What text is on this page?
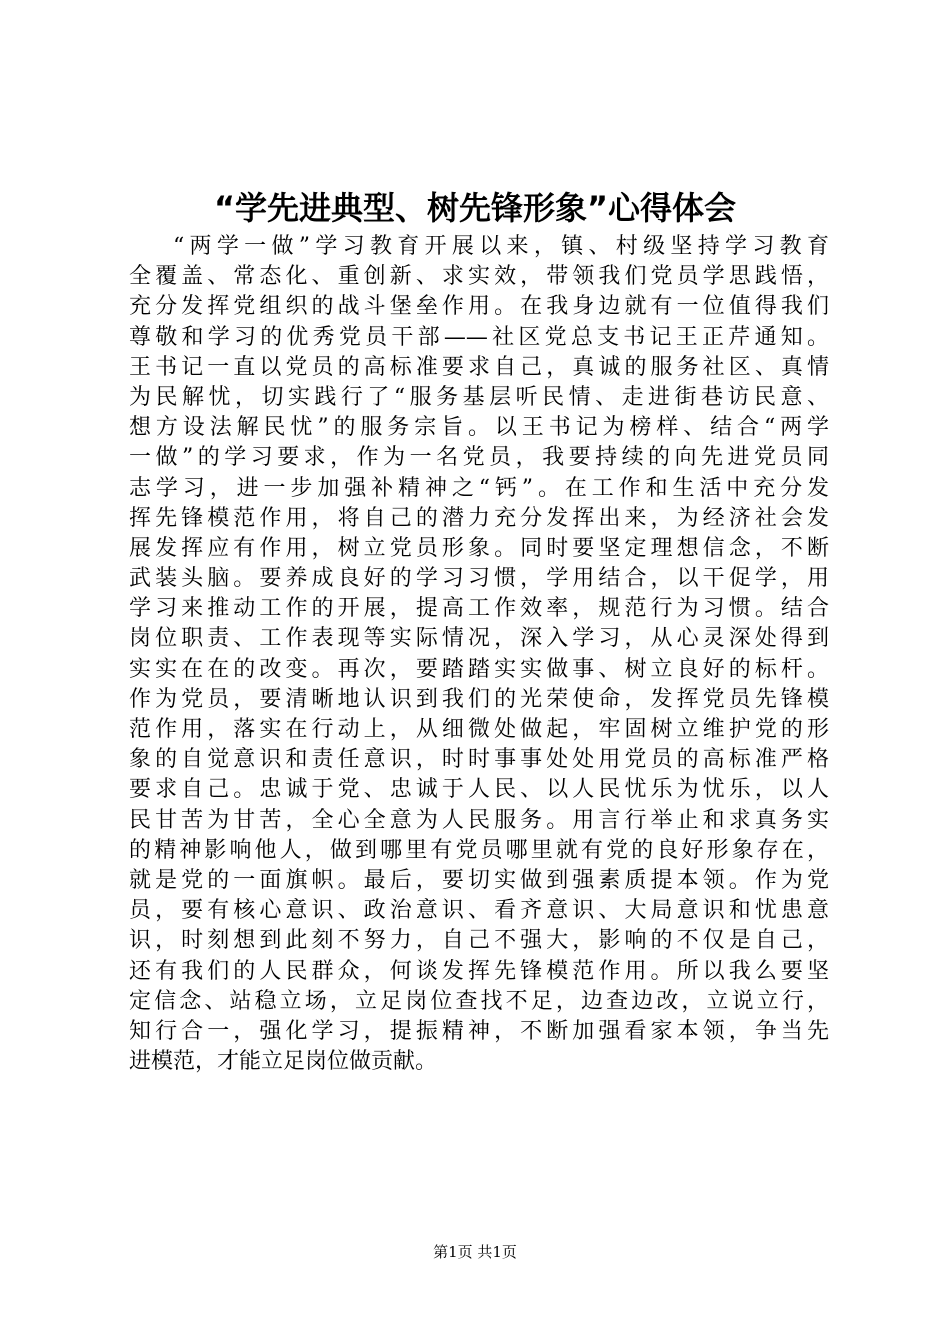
“学先进典型、树先锋形象”心得体会
“两学一做”学习教育开展以来，镇、村级坚持学习教育
全覆盖、常态化、重创新、求实效，带领我们党员学思践悟，
充分发挥党组织的战斗堡垒作用。在我身边就有一位值得我们
尊敬和学习的优秀党员干部——社区党总支书记王正芹通知。
王书记一直以党员的高标准要求自己，真诚的服务社区、真情
为民解忧，切实践行了“服务基层听民情、走进街巷访民意、
想方设法解民忧”的服务宗旨。以王书记为榜样、结合“两学
一做”的学习要求，作为一名党员，我要持续的向先进党员同
志学习，进一步加强补精神之“钙”。在工作和生活中充分发
挥先锋模范作用，将自己的潜力充分发挥出来，为经济社会发
展发挥应有作用，树立党员形象。同时要坚定理想信念，不断
武装头脑。要养成良好的学习习惯，学用结合，以干促学，用
学习来推动工作的开展，提高工作效率，规范行为习惯。结合
岗位职责、工作表现等实际情况，深入学习，从心灵深处得到
实实在在的改变。再次，要踏踏实实做事、树立良好的标杆。
作为党员，要清晰地认识到我们的光荣使命，发挥党员先锋模
范作用，落实在行动上，从细微处做起，牢固树立维护党的形
象的自觉意识和责任意识，时时事事处处用党员的高标准严格
要求自己。忠诚于党、忠诚于人民、以人民忧乐为忧乐，以人
民甘苦为甘苦，全心全意为人民服务。用言行举止和求真务实
的精神影响他人，做到哪里有党员哪里就有党的良好形象存在，
就是党的一面旗帜。最后，要切实做到强素质提本领。作为党
员，要有核心意识、政治意识、看齐意识、大局意识和忧患意
识，时刻想到此刻不努力，自己不强大，影响的不仅是自己，
还有我们的人民群众，何谈发挥先锋模范作用。所以我么要坚
定信念、站稳立场，立足岗位查找不足，边查边改，立说立行，
知行合一，强化学习，提振精神，不断加强看家本领，争当先
进模范，才能立足岗位做贡献。
第1页 共1页
